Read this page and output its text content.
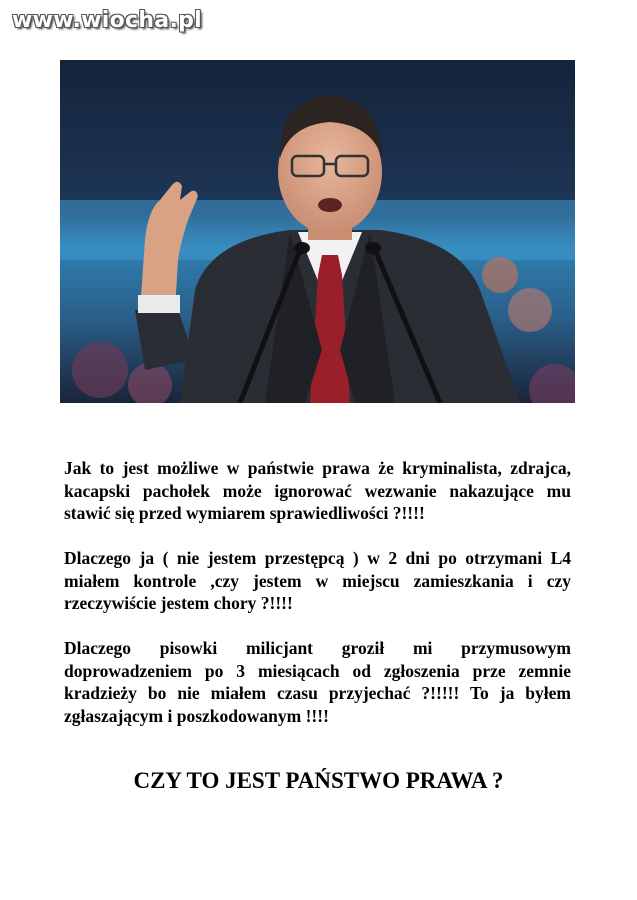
www.wiocha.pl

Jak to jest możliwe w państwie prawa że kryminalista, zdrajca, kacapski pachołek może ignorować wezwanie nakazujące mu stawić się przed wymiarem sprawiedliwości ?!!!!

Dlaczego ja ( nie jestem przestępcą ) w 2 dni po otrzymani L4 miałem kontrole ,czy jestem w miejscu zamieszkania i czy rzeczywiście jestem chory ?!!!!

Dlaczego pisowki milicjant groził mi przymusowym doprowadzeniem po 3 miesiącach od zgłoszenia prze zemnie kradzieży bo nie miałem czasu przyjechać ?!!!!! To ja byłem zgłaszającym i poszkodowanym !!!!

CZY TO JEST PAŃSTWO PRAWA ?
